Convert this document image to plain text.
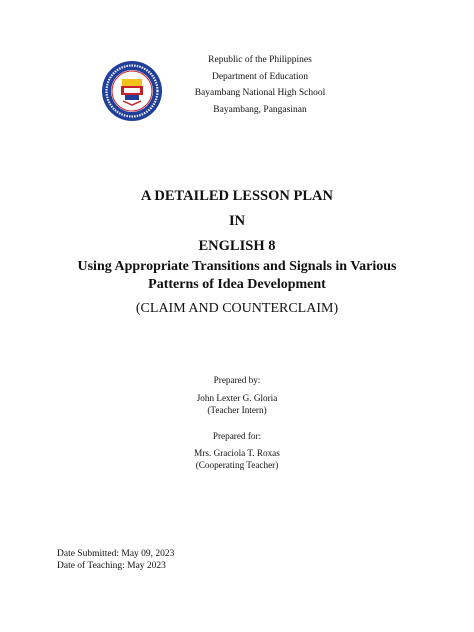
Republic of the Philippines
Department of Education
Bayambang National High School
Bayambang, Pangasinan
A DETAILED LESSON PLAN
IN
ENGLISH 8
Using Appropriate Transitions and Signals in Various
Patterns of Idea Development
(CLAIM AND COUNTERCLAIM)
Prepared by:
John Lexter G. Gloria
(Teacher Intern)
Prepared for:
Mrs. Graciola T. Roxas
(Cooperating Teacher)
Date Submitted: May 09, 2023
Date of Teaching: May 2023
